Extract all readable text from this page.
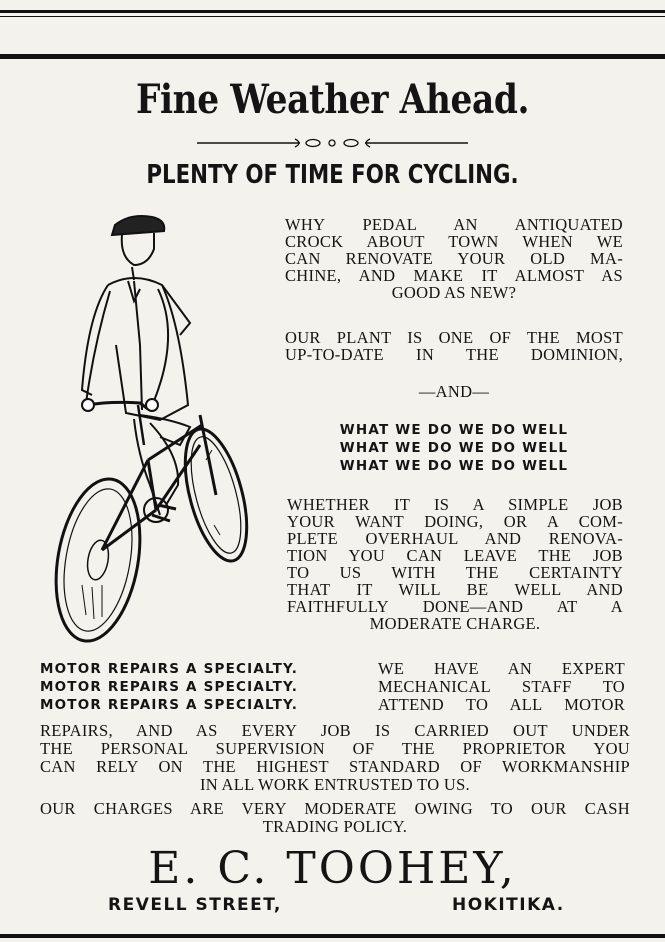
Fine Weather Ahead.
PLENTY OF TIME FOR CYCLING.
WHY PEDAL AN ANTIQUATED
CROCK ABOUT TOWN WHEN WE
CAN RENOVATE YOUR OLD MA-
CHINE, AND MAKE IT ALMOST AS
GOOD AS NEW?
OUR PLANT IS ONE OF THE MOST
UP-TO-DATE IN THE DOMINION,
—AND—
WHAT WE DO WE DO WELL
WHAT WE DO WE DO WELL
WHAT WE DO WE DO WELL
WHETHER IT IS A SIMPLE JOB
YOUR WANT DOING, OR A COM-
PLETE OVERHAUL AND RENOVA-
TION YOU CAN LEAVE THE JOB
TO US WITH THE CERTAINTY
THAT IT WILL BE WELL AND
FAITHFULLY DONE—AND AT A
MODERATE CHARGE.
MOTOR REPAIRS A SPECIALTY.
MOTOR REPAIRS A SPECIALTY.
MOTOR REPAIRS A SPECIALTY.
WE HAVE AN EXPERT
MECHANICAL STAFF TO
ATTEND TO ALL MOTOR
REPAIRS, AND AS EVERY JOB IS CARRIED OUT UNDER
THE PERSONAL SUPERVISION OF THE PROPRIETOR YOU
CAN RELY ON THE HIGHEST STANDARD OF WORKMANSHIP
IN ALL WORK ENTRUSTED TO US.
OUR CHARGES ARE VERY MODERATE OWING TO OUR CASH
TRADING POLICY.
E. C. TOOHEY,
REVELL STREET,	HOKITIKA.
